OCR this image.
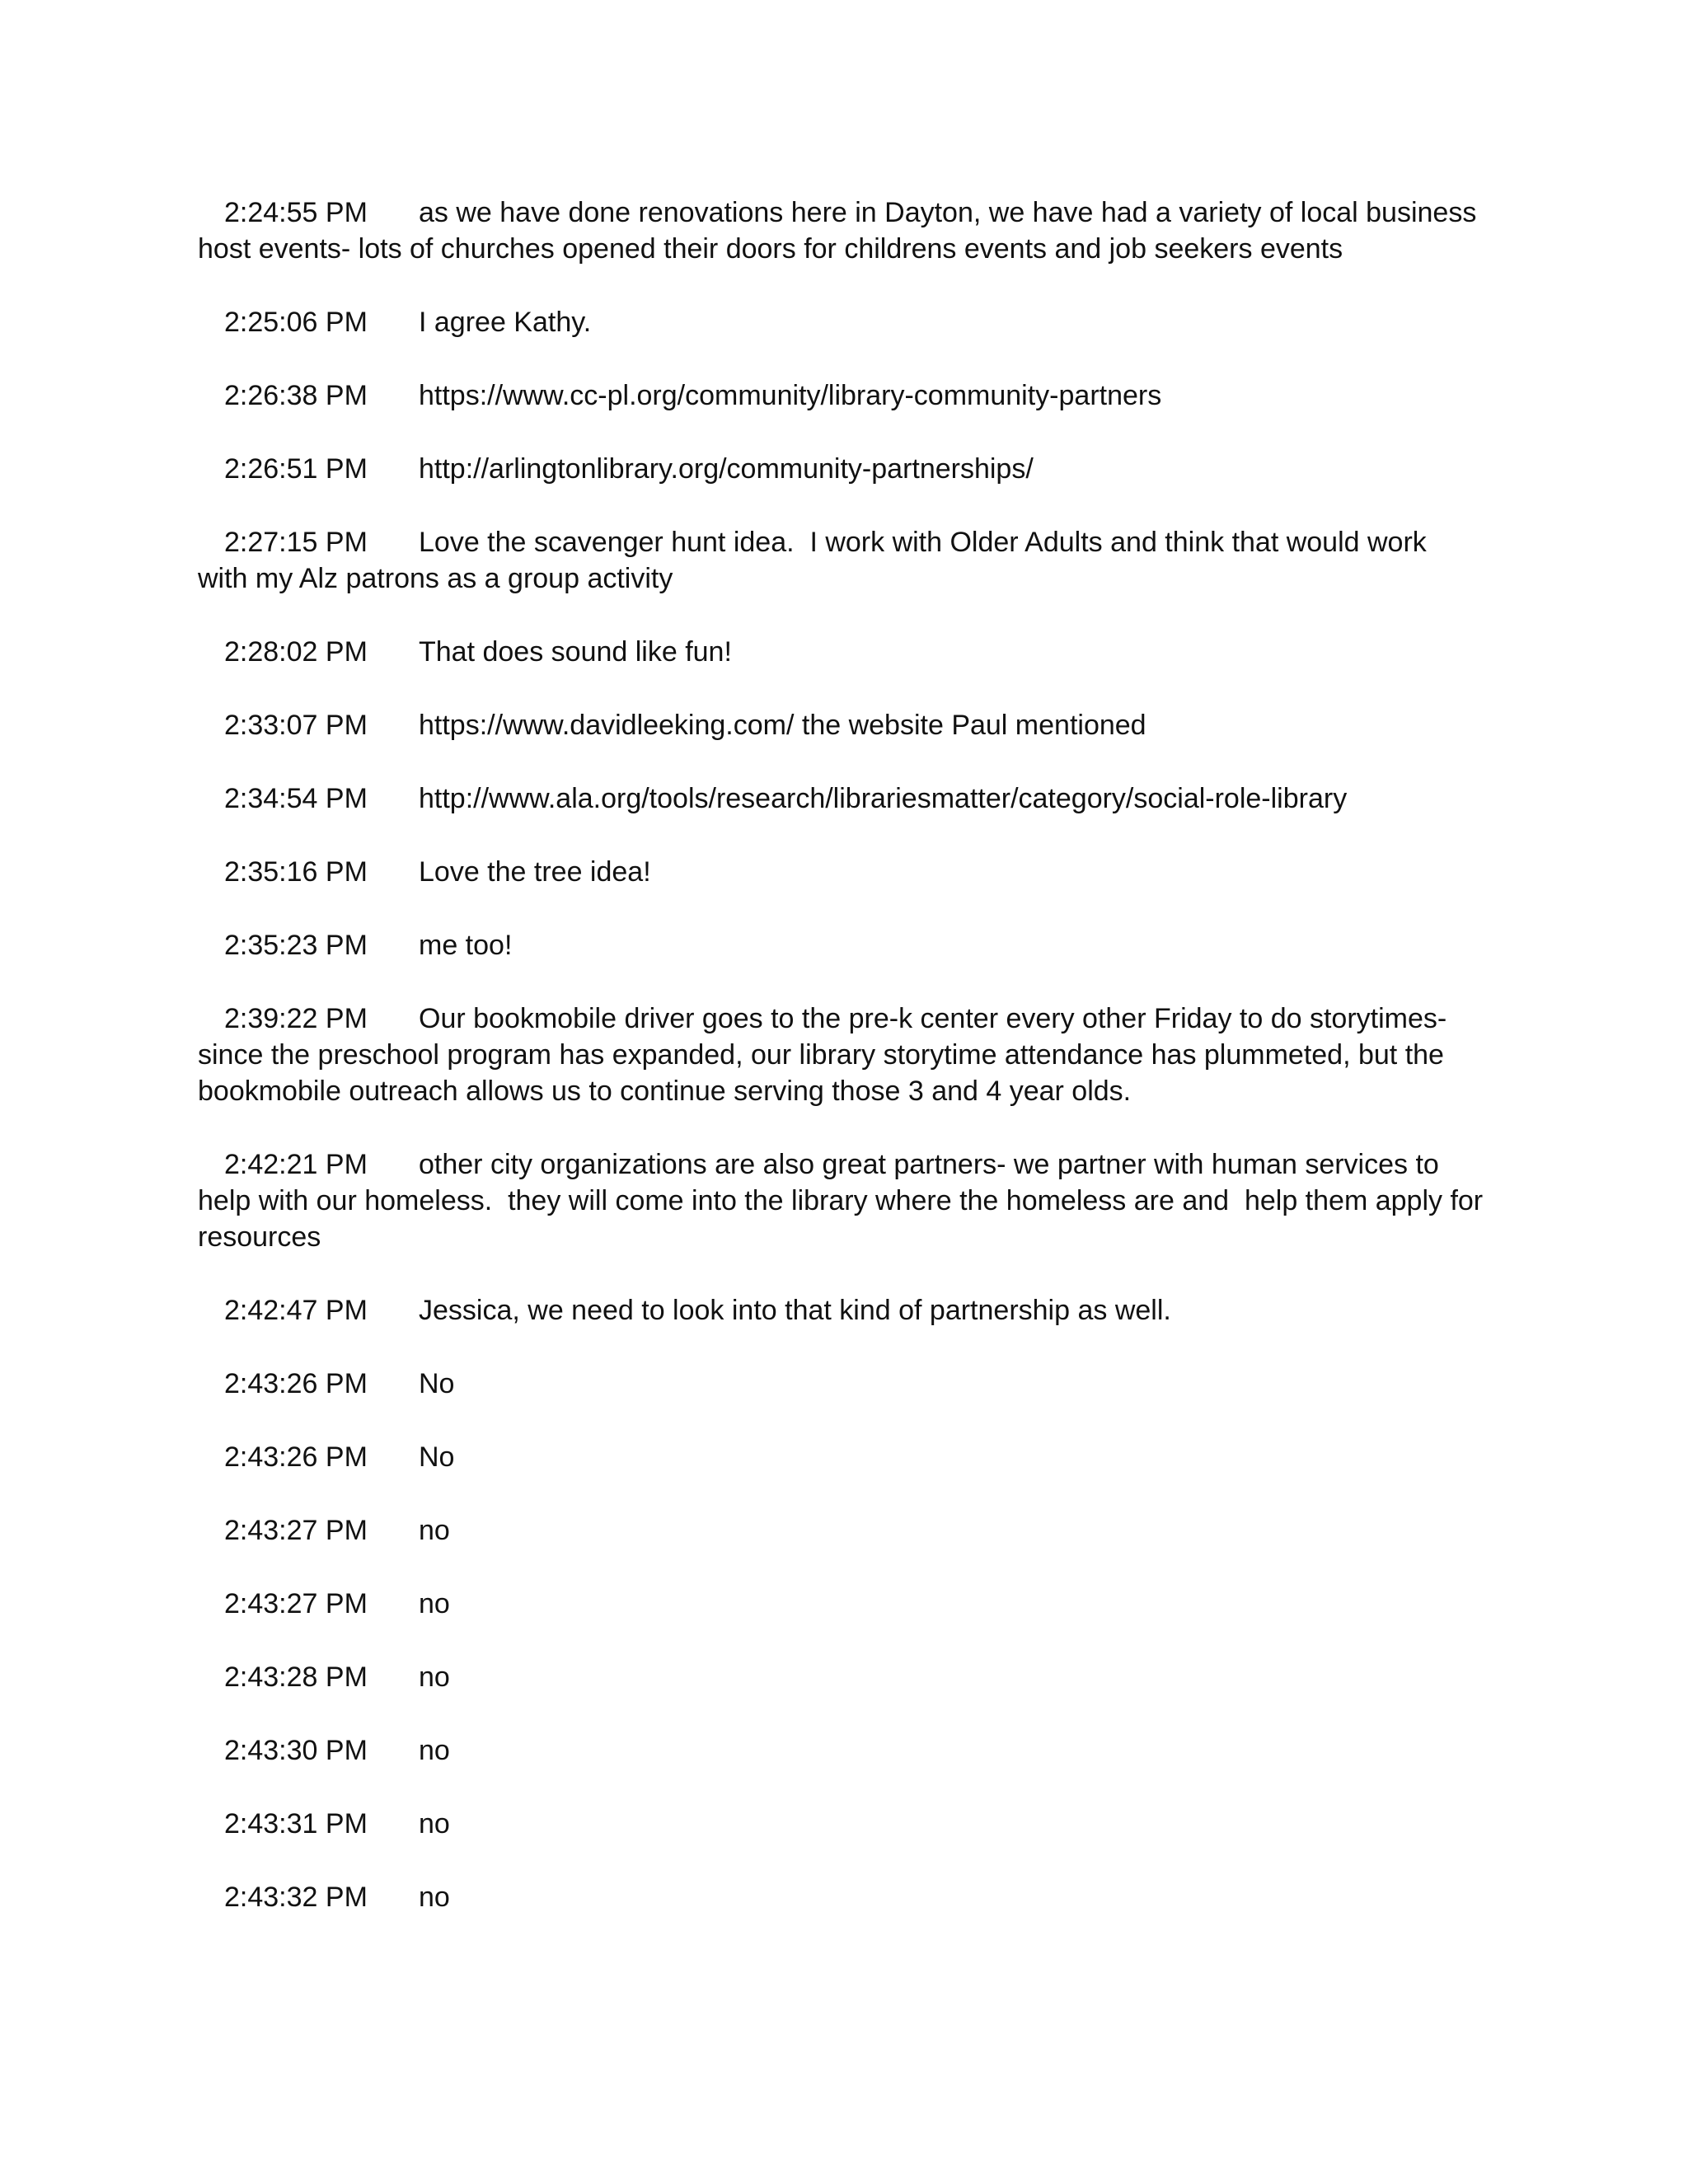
2:24:55 PM as we have done renovations here in Dayton, we have had a variety of local business host events- lots of churches opened their doors for childrens events and job seekers events

2:25:06 PM I agree Kathy.

2:26:38 PM https://www.cc-pl.org/community/library-community-partners

2:26:51 PM http://arlingtonlibrary.org/community-partnerships/

2:27:15 PM Love the scavenger hunt idea.  I work with Older Adults and think that would work with my Alz patrons as a group activity

2:28:02 PM That does sound like fun!

2:33:07 PM https://www.davidleeking.com/ the website Paul mentioned

2:34:54 PM http://www.ala.org/tools/research/librariesmatter/category/social-role-library

2:35:16 PM Love the tree idea!

2:35:23 PM me too!

2:39:22 PM Our bookmobile driver goes to the pre-k center every other Friday to do storytimes- since the preschool program has expanded, our library storytime attendance has plummeted, but the bookmobile outreach allows us to continue serving those 3 and 4 year olds.

2:42:21 PM other city organizations are also great partners- we partner with human services to help with our homeless.  they will come into the library where the homeless are and  help them apply for resources

2:42:47 PM Jessica, we need to look into that kind of partnership as well.

2:43:26 PM No

2:43:26 PM No

2:43:27 PM no

2:43:27 PM no

2:43:28 PM no

2:43:30 PM no

2:43:31 PM no

2:43:32 PM no
